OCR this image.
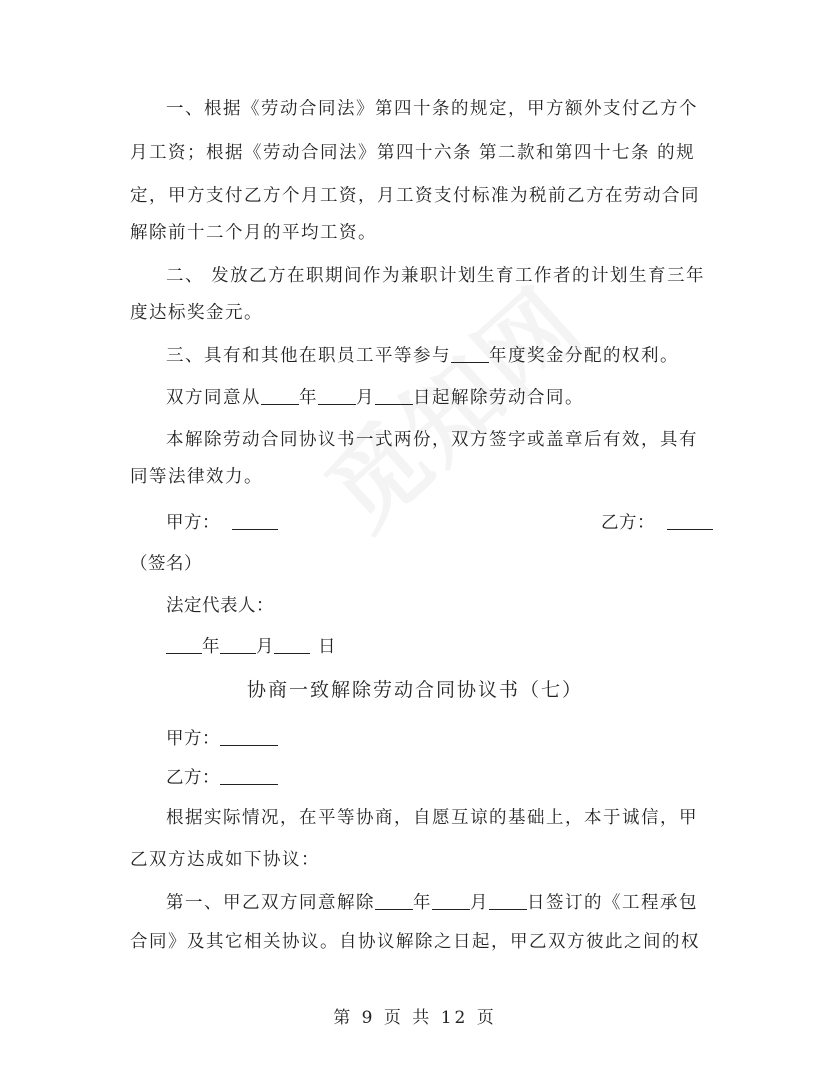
一、根据《劳动合同法》第四十条的规定，甲方额外支付乙方个
月工资；根据《劳动合同法》第四十六条 第二款和第四十七条 的规
定，甲方支付乙方个月工资，月工资支付标准为税前乙方在劳动合同
解除前十二个月的平均工资。
二、 发放乙方在职期间作为兼职计划生育工作者的计划生育三年
度达标奖金元。
三、具有和其他在职员工平等参与 年度奖金分配的权利。
双方同意从 年 月 日起解除劳动合同。
本解除劳动合同协议书一式两份，双方签字或盖章后有效，具有
同等法律效力。
甲方：	乙方：
（签名）
法定代表人：
年 月	日
协商一致解除劳动合同协议书（七）
甲方：
乙方：
根据实际情况，在平等协商，自愿互谅的基础上，本于诚信，甲
乙双方达成如下协议：
第一、甲乙双方同意解除 年 月 日签订的《工程承包
合同》及其它相关协议。自协议解除之日起，甲乙双方彼此之间的权
第 9 页 共 12 页
